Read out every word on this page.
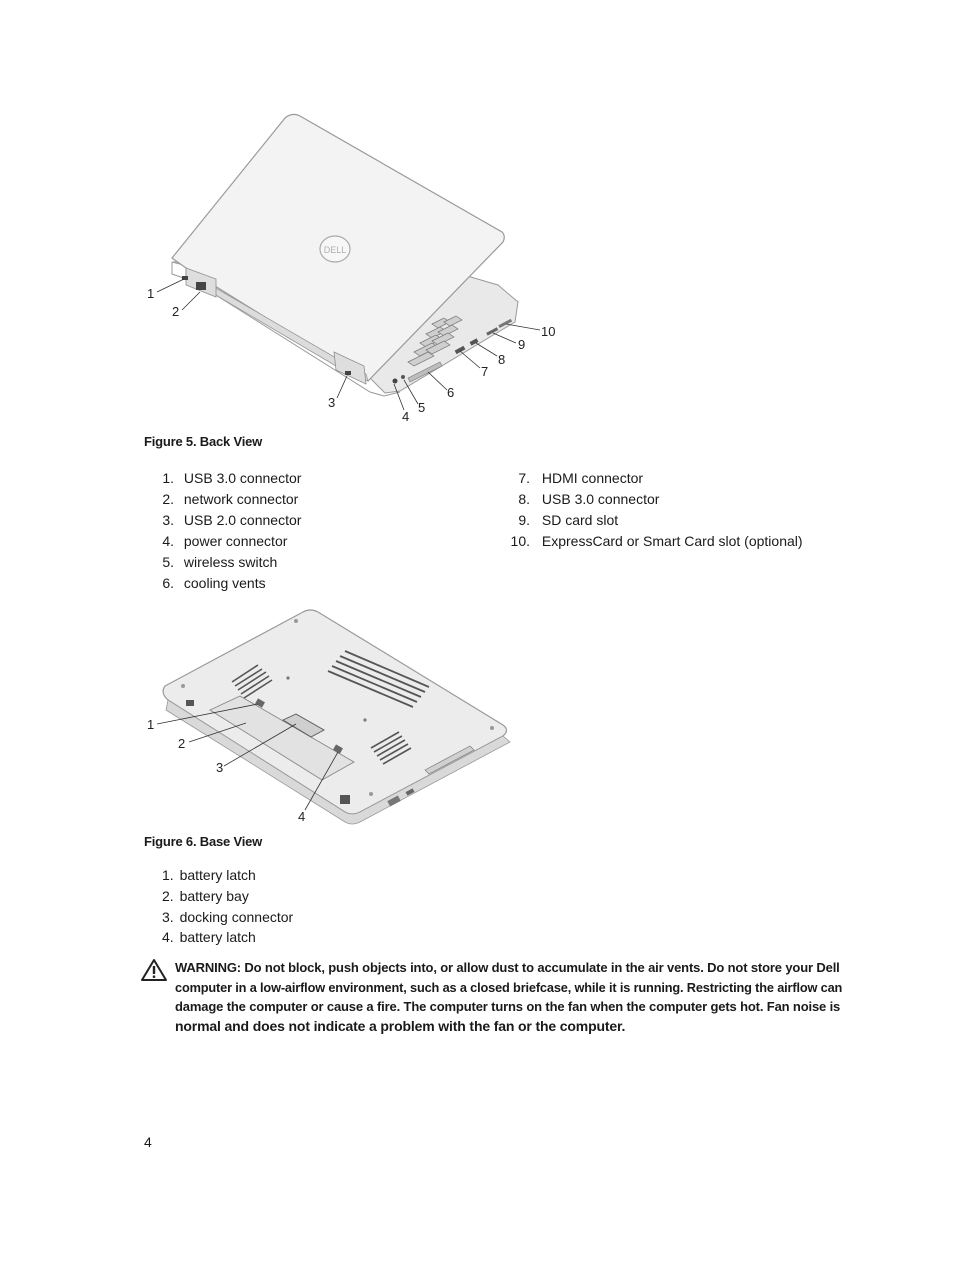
DELL
1
2
3
4
5
6
7
8
9
10
Figure 5. Back View
1. USB 3.0 connector
2. network connector
3. USB 2.0 connector
4. power connector
5. wireless switch
6. cooling vents
7. HDMI connector
8. USB 3.0 connector
9. SD card slot
10. ExpressCard or Smart Card slot (optional)
1
2
3
4
Figure 6. Base View
1. battery latch
2. battery bay
3. docking connector
4. battery latch
WARNING: Do not block, push objects into, or allow dust to accumulate in the air vents. Do not store your Dell
computer in a low-airflow environment, such as a closed briefcase, while it is running. Restricting the airflow can
damage the computer or cause a fire. The computer turns on the fan when the computer gets hot. Fan noise is
normal and does not indicate a problem with the fan or the computer.
4
